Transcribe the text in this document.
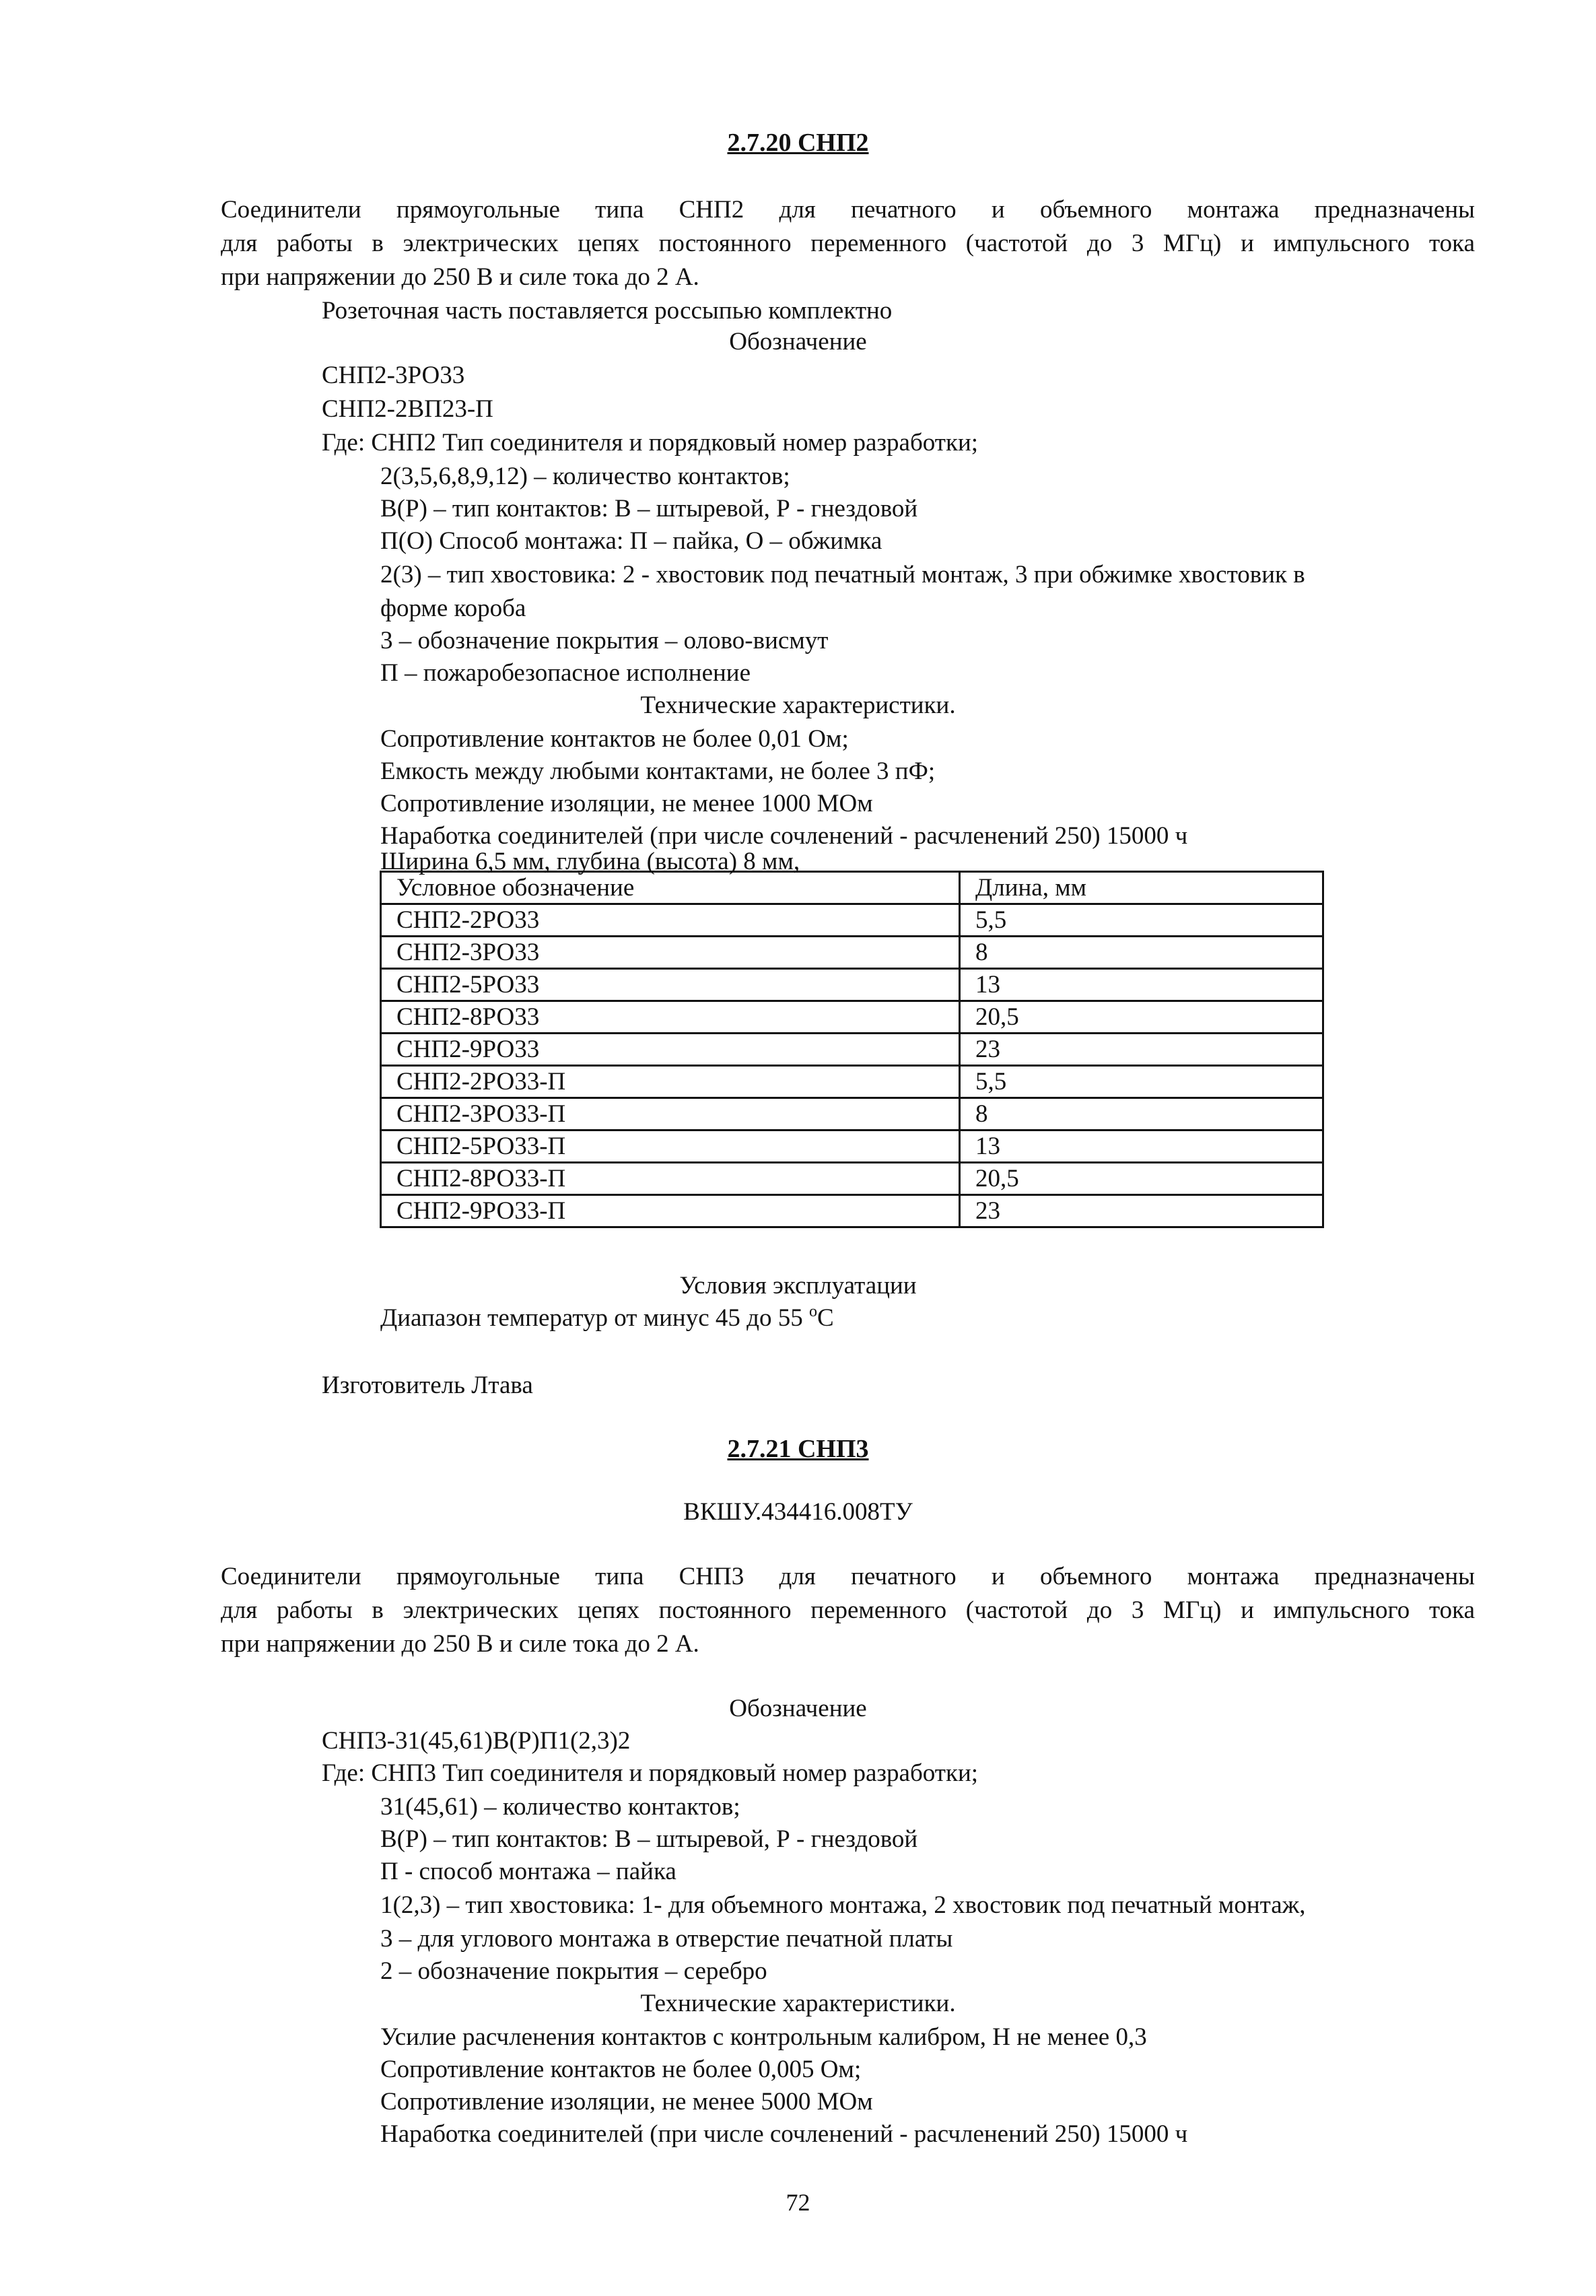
2.7.20 СНП2

Соединители прямоугольные типа СНП2 для печатного и объемного монтажа предназначены

для работы в электрических цепях постоянного переменного (частотой до 3 МГц) и импульсного тока

при напряжении до 250 В и силе тока до 2 А.

Розеточная часть поставляется россыпью комплектно

Обозначение

СНП2-3РО33

СНП2-2ВП23-П

Где: СНП2 Тип соединителя и порядковый номер разработки;

2(3,5,6,8,9,12) – количество контактов;

В(Р) – тип контактов: В – штыревой, Р - гнездовой

П(О) Способ монтажа: П – пайка, О – обжимка

2(3) – тип хвостовика: 2 - хвостовик под печатный монтаж, 3 при обжимке хвостовик в

форме короба

3 – обозначение покрытия – олово-висмут

П – пожаробезопасное исполнение

Технические характеристики.

Сопротивление контактов не более 0,01 Ом;

Емкость между любыми контактами, не более 3 пФ;

Сопротивление изоляции, не менее 1000 МОм

Наработка соединителей (при числе сочленений - расчленений 250) 15000 ч

Ширина 6,5 мм, глубина (высота) 8 мм,

Условное обозначение	Длина, мм
СНП2-2РО33	5,5
СНП2-3РО33	8
СНП2-5РО33	13
СНП2-8РО33	20,5
СНП2-9РО33	23
СНП2-2РО33-П	5,5
СНП2-3РО33-П	8
СНП2-5РО33-П	13
СНП2-8РО33-П	20,5
СНП2-9РО33-П	23

Условия эксплуатации

Диапазон температур от минус 45 до 55 $^o$С

Изготовитель Лтава

2.7.21 СНП3

ВКШУ.434416.008ТУ

Соединители прямоугольные типа СНП3 для печатного и объемного монтажа предназначены

для работы в электрических цепях постоянного переменного (частотой до 3 МГц) и импульсного тока

при напряжении до 250 В и силе тока до 2 А.

Обозначение

СНП3-31(45,61)В(Р)П1(2,3)2

Где: СНП3 Тип соединителя и порядковый номер разработки;

31(45,61) – количество контактов;

В(Р) – тип контактов: В – штыревой, Р - гнездовой

П - способ монтажа – пайка

1(2,3) – тип хвостовика: 1- для объемного монтажа, 2 хвостовик под печатный монтаж,

3 – для углового монтажа в отверстие печатной платы

2 – обозначение покрытия – серебро

Технические характеристики.

Усилие расчленения контактов с контрольным калибром, Н не менее 0,3

Сопротивление контактов не более 0,005 Ом;

Сопротивление изоляции, не менее 5000 МОм

Наработка соединителей (при числе сочленений - расчленений 250) 15000 ч

72
